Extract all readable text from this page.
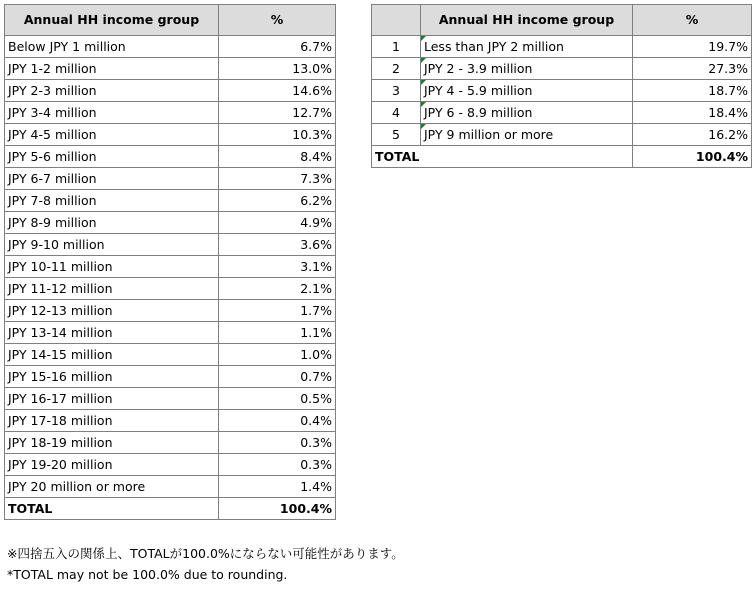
Annual HH income group	%
Below JPY 1 million	6.7%
JPY 1-2 million	13.0%
JPY 2-3 million	14.6%
JPY 3-4 million	12.7%
JPY 4-5 million	10.3%
JPY 5-6 million	8.4%
JPY 6-7 million	7.3%
JPY 7-8 million	6.2%
JPY 8-9 million	4.9%
JPY 9-10 million	3.6%
JPY 10-11 million	3.1%
JPY 11-12 million	2.1%
JPY 12-13 million	1.7%
JPY 13-14 million	1.1%
JPY 14-15 million	1.0%
JPY 15-16 million	0.7%
JPY 16-17 million	0.5%
JPY 17-18 million	0.4%
JPY 18-19 million	0.3%
JPY 19-20 million	0.3%
JPY 20 million or more	1.4%
TOTAL	100.4%
	Annual HH income group	%
1	Less than JPY 2 million	19.7%
2	JPY 2 - 3.9 million	27.3%
3	JPY 4 - 5.9 million	18.7%
4	JPY 6 - 8.9 million	18.4%
5	JPY 9 million or more	16.2%
TOTAL		100.4%
※四捨五入の関係上、TOTALが100.0%にならない可能性があります。
*TOTAL may not be 100.0% due to rounding.
